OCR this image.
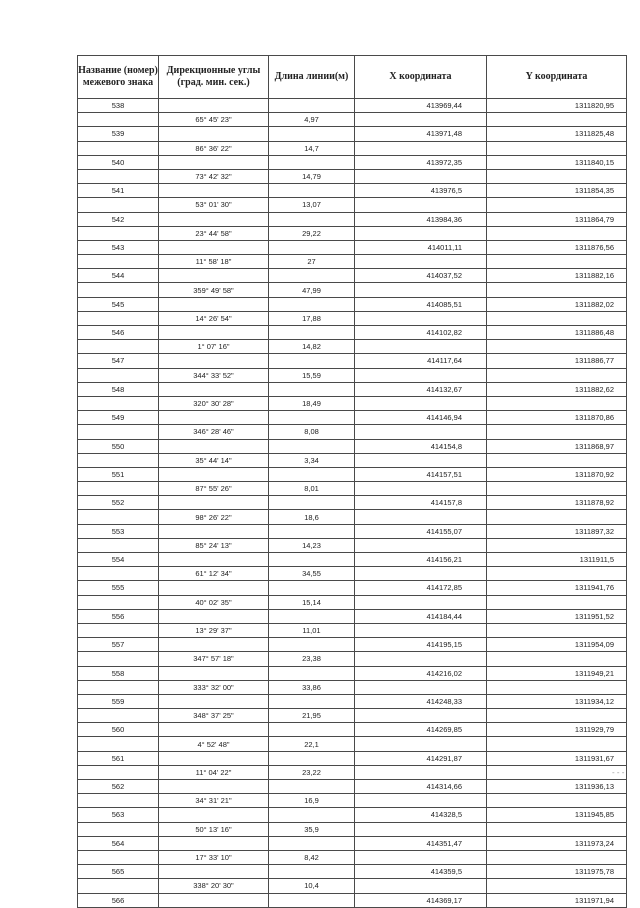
Название (номер) межевого знака	Дирекционные углы (град. мин. сек.)	Длина линии(м)	X координата	Y координата
538			413969,44	1311820,95
	65° 45' 23"	4,97		
539			413971,48	1311825,48
	86° 36' 22"	14,7		
540			413972,35	1311840,15
	73° 42' 32"	14,79		
541			413976,5	1311854,35
	53° 01' 30"	13,07		
542			413984,36	1311864,79
	23° 44' 58"	29,22		
543			414011,11	1311876,56
	11° 58' 18"	27		
544			414037,52	1311882,16
	359° 49' 58"	47,99		
545			414085,51	1311882,02
	14° 26' 54"	17,88		
546			414102,82	1311886,48
	1° 07' 16"	14,82		
547			414117,64	1311886,77
	344° 33' 52"	15,59		
548			414132,67	1311882,62
	320° 30' 28"	18,49		
549			414146,94	1311870,86
	346° 28' 46"	8,08		
550			414154,8	1311868,97
	35° 44' 14"	3,34		
551			414157,51	1311870,92
	87° 55' 26"	8,01		
552			414157,8	1311878,92
	98° 26' 22"	18,6		
553			414155,07	1311897,32
	85° 24' 13"	14,23		
554			414156,21	1311911,5
	61° 12' 34"	34,55		
555			414172,85	1311941,76
	40° 02' 35"	15,14		
556			414184,44	1311951,52
	13° 29' 37"	11,01		
557			414195,15	1311954,09
	347° 57' 18"	23,38		
558			414216,02	1311949,21
	333° 32' 00"	33,86		
559			414248,33	1311934,12
	348° 37' 25"	21,95		
560			414269,85	1311929,79
	4° 52' 48"	22,1		
561			414291,87	1311931,67
	11° 04' 22"	23,22		
562			414314,66	1311936,13
	34° 31' 21"	16,9		
563			414328,5	1311945,85
	50° 13' 16"	35,9		
564			414351,47	1311973,24
	17° 33' 10"	8,42		
565			414359,5	1311975,78
	338° 20' 30"	10,4		
566			414369,17	1311971,94
- - -
